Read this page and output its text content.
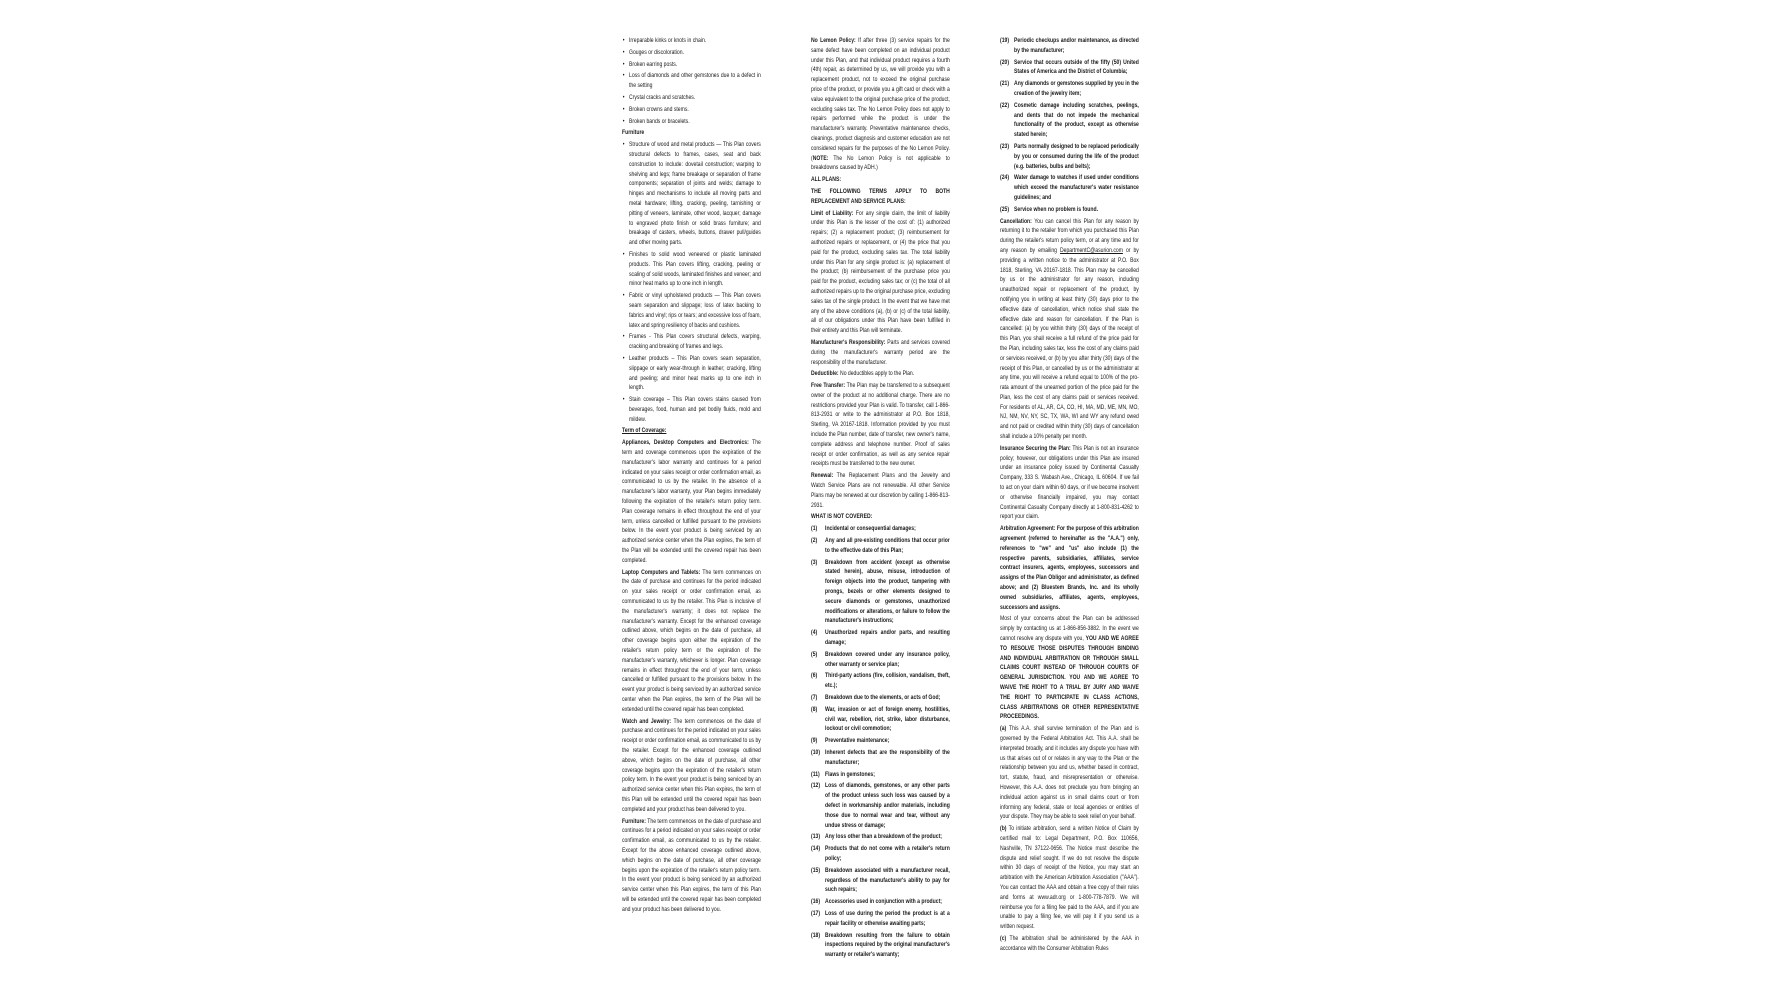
• Irreparable kinks or knots in chain.
• Gouges or discoloration.
• Broken earring posts.
• Loss of diamonds and other gemstones due to a defect in the setting
• Crystal cracks and scratches.
• Broken crowns and stems.
• Broken bands or bracelets.
Furniture
• Structure of wood and metal products — This Plan covers structural defects to frames, cases, seat and back construction to include: dovetail construction; warping to shelving and legs; frame breakage or separation of frame components; separation of joints and welds; damage to hinges and mechanisms to include all moving parts and metal hardware; lifting, cracking, peeling, tarnishing or pitting of veneers, laminate, other wood, lacquer; damage to engraved photo finish or solid brass furniture; and breakage of casters, wheels, buttons, drawer pull/guides and other moving parts.
• Finishes to solid wood veneered or plastic laminated products. This Plan covers lifting, cracking, peeling or scaling of solid woods, laminated finishes and veneer; and minor heat marks up to one inch in length.
• Fabric or vinyl upholstered products — This Plan covers seam separation and slippage; loss of latex backing to fabrics and vinyl; rips or tears; and excessive loss of foam, latex and spring resiliency of backs and cushions.
• Frames - This Plan covers structural defects, warping, cracking and breaking of frames and legs.
• Leather products – This Plan covers seam separation, slippage or early wear-through in leather; cracking, lifting and peeling; and minor heat marks up to one inch in length.
• Stain coverage – This Plan covers stains caused from beverages, food, human and pet bodily fluids, mold and mildew.
Term of Coverage:

Appliances, Desktop Computers and Electronics: The term and coverage commences upon the expiration of the manufacturer's labor warranty and continues for a period indicated on your sales receipt or order confirmation email, as communicated to us by the retailer. In the absence of a manufacturer's labor warranty, your Plan begins immediately following the expiration of the retailer's return policy term. Plan coverage remains in effect throughout the end of your term, unless cancelled or fulfilled pursuant to the provisions below. In the event your product is being serviced by an authorized service center when the Plan expires, the term of the Plan will be extended until the covered repair has been completed.

Laptop Computers and Tablets: The term commences on the date of purchase and continues for the period indicated on your sales receipt or order confirmation email, as communicated to us by the retailer. This Plan is inclusive of the manufacturer's warranty; it does not replace the manufacturer's warranty. Except for the enhanced coverage outlined above, which begins on the date of purchase, all other coverage begins upon either the expiration of the retailer's return policy term or the expiration of the manufacturer's warranty, whichever is longer. Plan coverage remains in effect throughout the end of your term, unless cancelled or fulfilled pursuant to the provisions below. In the event your product is being serviced by an authorized service center when the Plan expires, the term of the Plan will be extended until the covered repair has been completed.

Watch and Jewelry: The term commences on the date of purchase and continues for the period indicated on your sales receipt or order confirmation email, as communicated to us by the retailer. Except for the enhanced coverage outlined above, which begins on the date of purchase, all other coverage begins upon the expiration of the retailer's return policy term. In the event your product is being serviced by an authorized service center when this Plan expires, the term of this Plan will be extended until the covered repair has been completed and your product has been delivered to you.

Furniture: The term commences on the date of purchase and continues for a period indicated on your sales receipt or order confirmation email, as communicated to us by the retailer. Except for the above enhanced coverage outlined above, which begins on the date of purchase, all other coverage begins upon the expiration of the retailer's return policy term. In the event your product is being serviced by an authorized service center when this Plan expires, the term of this Plan will be extended until the covered repair has been completed and your product has been delivered to you.

No Lemon Policy: If after three (3) service repairs for the same defect have been completed on an individual product under this Plan, and that individual product requires a fourth (4th) repair, as determined by us, we will provide you with a replacement product, not to exceed the original purchase price of the product, or provide you a gift card or check with a value equivalent to the original purchase price of the product, excluding sales tax. The No Lemon Policy does not apply to repairs performed while the product is under the manufacturer's warranty. Preventative maintenance checks, cleanings, product diagnosis and customer education are not considered repairs for the purposes of the No Lemon Policy. (NOTE: The No Lemon Policy is not applicable to breakdowns caused by ADH.)

ALL PLANS:
THE FOLLOWING TERMS APPLY TO BOTH REPLACEMENT AND SERVICE PLANS:

Limit of Liability: For any single claim, the limit of liability under this Plan is the lesser of the cost of: (1) authorized repairs; (2) a replacement product; (3) reimbursement for authorized repairs or replacement, or (4) the price that you paid for the product, excluding sales tax. The total liability under this Plan for any single product is: (a) replacement of the product; (b) reimbursement of the purchase price you paid for the product, excluding sales tax; or (c) the total of all authorized repairs up to the original purchase price, excluding sales tax of the single product. In the event that we have met any of the above conditions (a), (b) or (c) of the total liability, all of our obligations under this Plan have been fulfilled in their entirety and this Plan will terminate.

Manufacturer's Responsibility: Parts and services covered during the manufacturer's warranty period are the responsibility of the manufacturer.

Deductible: No deductibles apply to the Plan.

Free Transfer: The Plan may be transferred to a subsequent owner of the product at no additional charge. There are no restrictions provided your Plan is valid. To transfer, call 1-866-813-2931 or write to the administrator at P.O. Box 1818, Sterling, VA 20167-1818. Information provided by you must include the Plan number, date of transfer, new owner's name, complete address and telephone number. Proof of sales receipt or order confirmation, as well as any service repair receipts must be transferred to the new owner.

Renewal: The Replacement Plans and the Jewelry and Watch Service Plans are not renewable. All other Service Plans may be renewed at our discretion by calling 1-866-813-2931.

WHAT IS NOT COVERED:
(1) Incidental or consequential damages;
(2) Any and all pre-existing conditions that occur prior to the effective date of this Plan;
(3) Breakdown from accident (except as otherwise stated herein), abuse, misuse, introduction of foreign objects into the product, tampering with prongs, bezels or other elements designed to secure diamonds or gemstones, unauthorized modifications or alterations, or failure to follow the manufacturer's instructions;
(4) Unauthorized repairs and/or parts, and resulting damage;
(5) Breakdown covered under any insurance policy, other warranty or service plan;
(6) Third-party actions (fire, collision, vandalism, theft, etc.);
(7) Breakdown due to the elements, or acts of God;
(8) War, invasion or act of foreign enemy, hostilities, civil war, rebellion, riot, strike, labor disturbance, lockout or civil commotion;
(9) Preventative maintenance;
(10) Inherent defects that are the responsibility of the manufacturer;
(11) Flaws in gemstones;
(12) Loss of diamonds, gemstones, or any other parts of the product unless such loss was caused by a defect in workmanship and/or materials, including those due to normal wear and tear, without any undue stress or damage;
(13) Any loss other than a breakdown of the product;
(14) Products that do not come with a retailer's return policy;
(15) Breakdown associated with a manufacturer recall, regardless of the manufacturer's ability to pay for such repairs;
(16) Accessories used in conjunction with a product;
(17) Loss of use during the period the product is at a repair facility or otherwise awaiting parts;
(18) Breakdown resulting from the failure to obtain inspections required by the original manufacturer's warranty or retailer's warranty;
(19) Periodic checkups and/or maintenance, as directed by the manufacturer;
(20) Service that occurs outside of the fifty (50) United States of America and the District of Columbia;
(21) Any diamonds or gemstones supplied by you in the creation of the jewelry item;
(22) Cosmetic damage including scratches, peelings, and dents that do not impede the mechanical functionality of the product, except as otherwise stated herein;
(23) Parts normally designed to be replaced periodically by you or consumed during the life of the product (e.g. batteries, bulbs and belts);
(24) Water damage to watches if used under conditions which exceed the manufacturer's water resistance guidelines; and
(25) Service when no problem is found.

Cancellation: You can cancel this Plan for any reason by returning it to the retailer from which you purchased this Plan during the retailer's return policy term, or at any time and for any reason by emailing DepartmentC@asurion.com or by providing a written notice to the administrator at P.O. Box 1818, Sterling, VA 20167-1818. This Plan may be cancelled by us or the administrator for any reason, including unauthorized repair or replacement of the product, by notifying you in writing at least thirty (30) days prior to the effective date of cancellation, which notice shall state the effective date and reason for cancellation. If the Plan is cancelled: (a) by you within thirty (30) days of the receipt of this Plan, you shall receive a full refund of the price paid for the Plan, including sales tax, less the cost of any claims paid or services received, or (b) by you after thirty (30) days of the receipt of this Plan, or cancelled by us or the administrator at any time, you will receive a refund equal to 100% of the pro-rata amount of the unearned portion of the price paid for the Plan, less the cost of any claims paid or services received. For residents of AL, AR, CA, CO, HI, MA, MD, ME, MN, MO, NJ, NM, NV, NY, SC, TX, WA, WI and WY any refund owed and not paid or credited within thirty (30) days of cancellation shall include a 10% penalty per month.

Insurance Securing the Plan: This Plan is not an insurance policy; however, our obligations under this Plan are insured under an insurance policy issued by Continental Casualty Company, 333 S. Wabash Ave., Chicago, IL 60604. If we fail to act on your claim within 60 days, or if we become insolvent or otherwise financially impaired, you may contact Continental Casualty Company directly at 1-800-831-4262 to report your claim.

Arbitration Agreement: For the purpose of this arbitration agreement (referred to hereinafter as the "A.A.") only, references to "we" and "us" also include (1) the respective parents, subsidiaries, affiliates, service contract insurers, agents, employees, successors and assigns of the Plan Obligor and administrator, as defined above; and (2) Bluestem Brands, Inc. and its wholly owned subsidiaries, affiliates, agents, employees, successors and assigns.

Most of your concerns about the Plan can be addressed simply by contacting us at 1-866-856-3882. In the event we cannot resolve any dispute with you, YOU AND WE AGREE TO RESOLVE THOSE DISPUTES THROUGH BINDING AND INDIVIDUAL ARBITRATION OR THROUGH SMALL CLAIMS COURT INSTEAD OF THROUGH COURTS OF GENERAL JURISDICTION. YOU AND WE AGREE TO WAIVE THE RIGHT TO A TRIAL BY JURY AND WAIVE THE RIGHT TO PARTICIPATE IN CLASS ACTIONS, CLASS ARBITRATIONS OR OTHER REPRESENTATIVE PROCEEDINGS.

(a) This A.A. shall survive termination of the Plan and is governed by the Federal Arbitration Act. This A.A. shall be interpreted broadly, and it includes any dispute you have with us that arises out of or relates in any way to the Plan or the relationship between you and us, whether based in contract, tort, statute, fraud, and misrepresentation or otherwise. However, this A.A. does not preclude you from bringing an individual action against us in small claims court or from informing any federal, state or local agencies or entities of your dispute. They may be able to seek relief on your behalf.

(b) To initiate arbitration, send a written Notice of Claim by certified mail to: Legal Department, P.O. Box 110656, Nashville, TN 37122-0656. The Notice must describe the dispute and relief sought. If we do not resolve the dispute within 30 days of receipt of the Notice, you may start an arbitration with the American Arbitration Association ("AAA"). You can contact the AAA and obtain a free copy of their rules and forms at www.adr.org or 1-800-778-7879. We will reimburse you for a filing fee paid to the AAA, and if you are unable to pay a filing fee, we will pay it if you send us a written request.

(c) The arbitration shall be administered by the AAA in accordance with the Consumer Arbitration Rules
